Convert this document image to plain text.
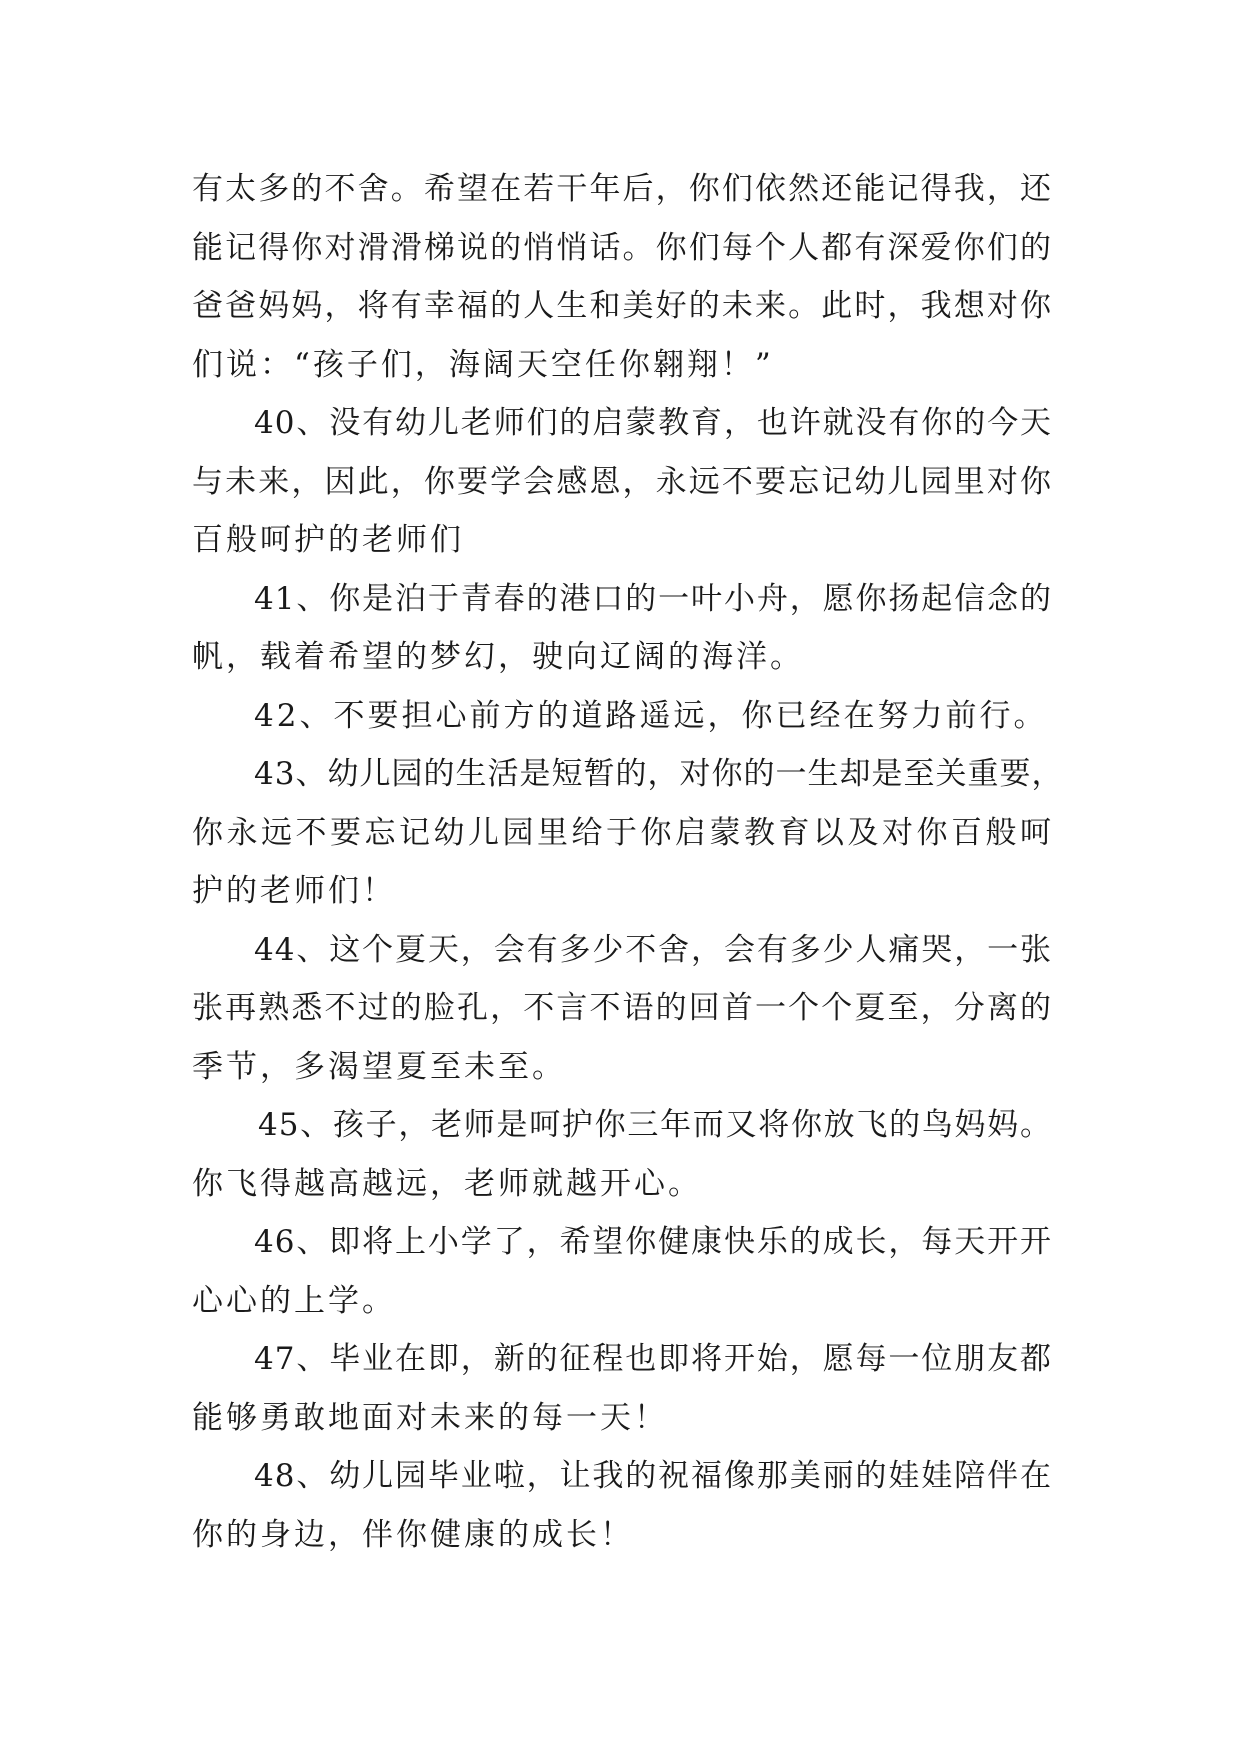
有太多的不舍。希望在若干年后，你们依然还能记得我，还
能记得你对滑滑梯说的悄悄话。你们每个人都有深爱你们的
爸爸妈妈，将有幸福的人生和美好的未来。此时，我想对你
们说：“孩子们，海阔天空任你翱翔！”
40、没有幼儿老师们的启蒙教育，也许就没有你的今天
与未来，因此，你要学会感恩，永远不要忘记幼儿园里对你
百般呵护的老师们
41、你是泊于青春的港口的一叶小舟，愿你扬起信念的
帆，载着希望的梦幻，驶向辽阔的海洋。
42、不要担心前方的道路遥远，你已经在努力前行。
43、幼儿园的生活是短暂的，对你的一生却是至关重要，
你永远不要忘记幼儿园里给于你启蒙教育以及对你百般呵
护的老师们！
44、这个夏天，会有多少不舍，会有多少人痛哭，一张
张再熟悉不过的脸孔，不言不语的回首一个个夏至，分离的
季节，多渴望夏至未至。
45、孩子，老师是呵护你三年而又将你放飞的鸟妈妈。
你飞得越高越远，老师就越开心。
46、即将上小学了，希望你健康快乐的成长，每天开开
心心的上学。
47、毕业在即，新的征程也即将开始，愿每一位朋友都
能够勇敢地面对未来的每一天！
48、幼儿园毕业啦，让我的祝福像那美丽的娃娃陪伴在
你的身边，伴你健康的成长！
